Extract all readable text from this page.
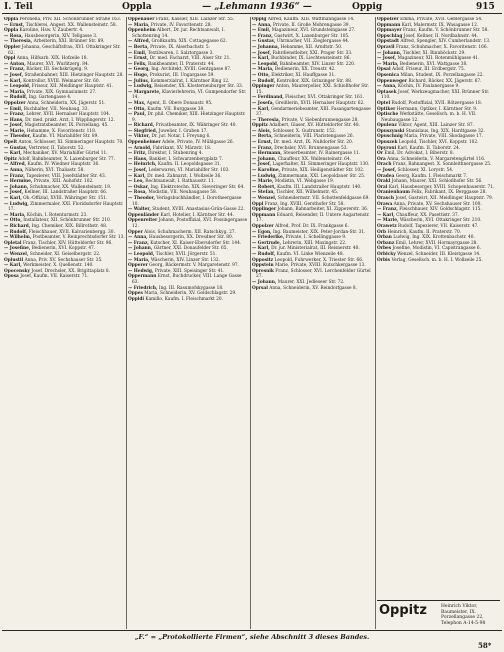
I. Teil	Oppla	— „Lehmann 1936“ —	Oppig	915

Oppla Peronella, Priv. XII. Schönbrunner Straße 163.

— Ernst, Tischlerei, Angest. XX. Wallensteinstr. 58.

Oppla Karoline, Hsw. V. Zaubertr. 4.

— Rosa, Hausbesorgerin, XIV. Tellgasse 3.

— Theresia, Arbeiterin, XXI. Brünner Str. 89.

Oppler Johanna, Geschäftsfrau, XVI. Ottakringer Str. 62.

Oppl Anna, Hilfsarb. XIX. Hofzeile 18.

— Anton, Maurer, XVI. Wurlitzerg. 84.

— Franz, Bäcker, III. Sechskrügelg. 9.

— Josef, Straßenbahner, XIII. Hietzinger Hauptstr. 28.

— Karl, Kontrollor, XVIII. Weimarer Str. 60.

— Leopold, Friseur, XII. Meidlinger Hauptstr. 41.

— Maria, Private, XIX. Gymnasiumstr. 27.

— Rudolf, Ing. Gartengasse 4.

Oppolzer Anna, Schneiderin, XX. Jägerstr. 51.

— Emil, Buchhalter, VII. Neubaug. 33.

— Franz, Lehrer, XVII. Hernalser Hauptstr. 104.

— Hans, Dr. med. prakt. Arzt, I. Wipplingerstr. 12.

— Josef, Magistratsbeamter, IX. Porzellang. 45.

— Marie, Hebamme, X. Favoritenstr. 118.

— Theodor, Kaufm. VI. Mariahilfer Str. 89.

Opelt Anton, Schlosser, XI. Simmeringer Hauptstr. 70.

— Gustav, Vertreter, II. Taborstr. 52.

— Karl, Mechaniker, XV. Mariahilfer Gürtel 11.

Opitz Adolf, Bahnbeamter, X. Laxenburger Str. 77.

— Alfred, Kaufm. IV. Wiedner Hauptstr. 36.

— Anna, Näherin, XVI. Thaliastr. 58.

— Franz, Tapezierer, VIII. Josefstädter Str. 43.

— Hermine, Private, XIII. Auhofstr. 102.

— Johann, Schuhmacher, XX. Wallensteinstr. 19.

— Josef, Kellner, III. Landstraßer Hauptstr. 66.

— Karl, Ob.-Offizial, XVIII. Währinger Str. 151.

— Ludwig, Zimmermaler, XXI. Floridsdorfer Hauptstr. 17.

— Maria, Köchin, I. Rotenturmstr. 23.

— Otto, Installateur, XII. Schönbrunner Str. 210.

— Richard, Ing. Chemiker, XIX. Billrothstr. 48.

— Rudolf, Fleischhauer, XVII. Kalvarienbergg. 30.

— Wilhelm, Postbeamter, V. Reinprechtsdorfer Str. 13.

Opletal Franz, Tischler, XIV. Hütteldorfer Str. 96.

— Josefine, Bedienerin, XVI. Koppstr. 47.

— Wenzel, Schneider, XI. Geiselbergstr. 22.

Oplustil Anna, Priv. XV. Sechshauser Str. 35.

— Karl, Werkmeister, X. Quellenstr. 140.

Opocensky Josef, Drechsler, XX. Brigittaplatz 8.

Oposa Josef, Kaufm. VII. Kaiserstr. 71.

Oppenauer Franz, Kassier, XIII. Lainzer Str. 55.

— Maria, Private, IV. Favoritenstr. 28.

Oppenheim Albert, Dr. jur. Rechtsanwalt, I. Schottenring 14.

— Alfred, Großkaufm. XIX. Cottagegasse 62.

— Berta, Private, IX. Alserbachstr. 5.

— Emil, Textilwaren, I. Salztorgasse 3.

— Ernst, Dr. med. Facharzt, VIII. Alser Str. 21.

— Felix, Bankbeamter, II. Praterstr. 44.

— Georg, Ing. Architekt, XVIII. Gentzgasse 87.

— Hugo, Prokurist, III. Ungargasse 59.

— Julius, Kommerzialrat, I. Kärntner Ring 12.

— Ludwig, Reisender, XX. Klosterneuburger Str. 33.

— Margarete, Klavierlehrerin, VI. Gumpendorfer Str. 14.

— Max, Agent, II. Obere Donaustr. 95.

— Otto, Kaufm. VII. Burggasse 38.

— Paul, Dr. phil. Chemiker, XIII. Hietzinger Hauptstr. 9.

— Richard, Privatbeamter, IX. Währinger Str. 40.

— Siegfried, Juwelier, I. Graben 17.

— Viktor, Dr. jur. Notar, I. Freyung 6.

Oppenheimer Adele, Private, IV. Mühlgasse 26.

— Arnold, Fabrikant, XV. Märzstr. 18.

— Fritz, Direktor, I. Stubenring 4.

— Hans, Bankier, I. Schwarzenbergplatz 7.

— Heinrich, Kaufm. II. Leopoldsgasse 31.

— Josef, Lederwaren, VI. Mariahilfer Str. 103.

— Karl, Dr. med. Zahnarzt, I. Wollzeile 36.

— Leo, Rechtsanwalt, I. Rathausstr. 11.

— Oskar, Ing. Elektrotechn. XIX. Sieveringer Str. 64.

— Rosa, Modistin, VII. Neubaugasse 58.

— Theodor, Verlagsbuchhändler, I. Dorotheergasse 10.

— Walter, Student, XVIII. Anastasius-Grün-Gasse 22.

Oppenländer Karl, Hotelier, I. Kärntner Str. 44.

Oppenreiter Johann, Postoffizial, XVI. Possingergasse 12.

Opper Alois, Schuhmacherm. XII. Ratschkyg. 27.

— Anna, Hausbesorgerin, XX. Dresdner Str. 80.

— Franz, Kutscher, XI. Kaiser-Ebersdorfer Str. 144.

— Johann, Gärtner, XXI. Donaufelder Str. 65.

— Leopold, Tischler, XVII. Jörgerstr. 51.

— Maria, Wäscherin, XIV. Linzer Str. 132.

Opperer Georg, Bäckermstr. V. Margaretenstr. 97.

— Hedwig, Private, XIII. Speisinger Str. 41.

Oppermann Ernst, Buchdrucker, VIII. Lange Gasse 63.

— Friedrich, Ing. III. Rasumofskygasse 18.

Oppes Maria, Schneiderin, XV. Goldschlagstr. 29.

Oppidi Kamillo, Kaufm. I. Fleischmarkt 20.

Oppig Alfred, Kaufm. XIII. Wattmanngasse 14.

— Anna, Private, II. Große Mohrengasse 39.

— Emil, Magazineur, XVI. Grundsteingasse 27.

— Franz, Gastwirt, X. Laxenburger Str. 105.

— Gustav, Uhrmacher, VII. Zieglergasse 44.

— Johanna, Hebamme, XII. Arndtstr. 50.

— Josef, Fahrdienstleiter, XXI. Prager Str. 33.

— Karl, Buchbinder, IX. Liechtensteinstr. 86.

— Leopold, Bahnbeamter, XIV. Linzer Str. 220.

— Maria, Bedienerin, XX. Treustr. 42.

— Otto, Elektriker, XI. Hauffgasse 31.

— Rudolf, Kontrollor, XIX. Grinzinger Str. 88.

Oppinger Anton, Maurerpolier, XXI. Schloßhofer Str. 15.

— Ferdinand, Fleischer, XVI. Ottakringer Str. 161.

— Josefa, Greißlerin, XVII. Hernalser Hauptstr. 62.

— Karl, Gendarmeriebeamter, XIII. Fasangartengasse 37.

— Theresia, Private, V. Siebenbrunnengasse 28.

Oppitz Adalbert, Glaser, XV. Hütteldorfer Str. 48.

— Alois, Schlosser, X. Gudrunstr. 152.

— Berta, Schneiderin, VIII. Piaristengasse 26.

— Ernst, Dr. med. Arzt, IX. Nußdorfer Str. 20.

— Franz, Drechsler, XVI. Brunnengasse 53.

— Hermann, Steuerbeamter, IV. Rainergasse 11.

— Johann, Chauffeur, XX. Wallensteinstr. 64.

— Josef, Lagerhalter, XI. Simmeringer Hauptstr. 130.

— Karoline, Private, XIX. Heiligenstädter Str. 102.

— Ludwig, Zimmermann, XXI. Leopoldauer Str. 25.

— Marie, Modistin, VI. Webgasse 19.

— Robert, Kaufm. III. Landstraßer Hauptstr. 140.

— Stefan, Tischler, XII. Wilhelmstr. 45.

— Wenzel, Schneidermstr. VII. Schottenfeldgasse 69.

Oppl Franz, Ing. XVIII. Gersthofer Str. 58.

Opplinger Johann, Bahnarbeiter, XI. Zippererstr. 36.

Oppmann Eduard, Reisender, II. Untere Augartenstr. 17.

Oppolzer Alfred, Prof. Dr. IX. Frankgasse 6.

— Egon, Ing. Baumeister, XIX. Peter-Jordan-Str. 31.

— Friederike, Private, I. Schellinggasse 9.

— Gertrude, Lehrerin, XIII. Maxingstr. 22.

— Karl, Dr. jur. Ministerialrat, III. Reisnerstr. 40.

— Rudolf, Kaufm. VI. Linke Wienzeile 48.

Oppositz Leopold, Fuhrwerker, X. Triester Str. 66.

Oppstein Marie, Private, XVIII. Kutschkergasse 13.

Opresnik Franz, Schlosser, XVI. Lerchenfelder Gürtel 27.

— Johann, Maurer, XXI. Jedleseer Str. 72.

Oprsal Anna, Schneiderin, XV. Reindorfgasse 8.

Oppolzer Emma, Private, XVII. Geblergasse 54.

Oppmann Karl, Malermstr. IX. Wasagasse 12.

Oppmayer Franz, Kaufm. V. Schönbrunner Str. 58.

Oppschlag Josef, Kellner, II. Nordbahnstr. 44.

Oppstadt Alfred, Spengler, XIV. Cumberlandstr. 13.

Opravil Franz, Schuhmacher, X. Favoritenstr. 166.

— Johann, Tischler, XI. Rinnböckstr. 29.

— Josef, Magazineur, XII. Rotenmühlgasse 41.

— Maria, Bedienerin, XVI. Wattgasse 38.

Opsal Adolf, Friseur, III. Erdbergstr. 75.

Opsenica Milan, Student, IX. Porzellangasse 22.

Oppenweger Richard, Bäcker, XX. Jägerstr. 67.

— Anna, Köchin, IV. Paulanergasse 9.

Optasek Josef, Werkzeugmacher, XXI. Brünner Str. 110.

Optel Rudolf, Postoffizial, XVII. Rötzergasse 18.

Optiker Hermann, Optiker, I. Kärntner Str. 9.

Optische Werkstätte, Gesellsch. m. b. H. VII. Neubaugasse 12.

Opulenz Viktor, Agent, XIII. Lainzer Str. 87.

Opuszynski Stanislaus, Ing. XIX. Hardtgasse 32.

Opuschnig Maria, Private, VIII. Skodagasse 17.

Opuszek Leopold, Tischler, XVI. Koppstr. 102.

Opyroni Karl, Kaufm. II. Taborstr. 24.

Or Emil, Dr. Advokat, I. Biberstr. 8.

Ora Anna, Schneiderin, V. Margaretengürtel 116.

Orach Franz, Bahnangest. X. Sonnleithnergasse 25.

— Josef, Schlosser, XI. Lorystr. 54.

Oradea Georg, Kaufm. I. Fleischmarkt 7.

Orakl Johann, Maurer, XXI. Schloßhofer Str. 56.

Oral Karl, Hausbesorger, XVIII. Schopenhauerstr. 71.

Oranienbaum Felix, Fabrikant, IX. Berggasse 28.

Orasch Josef, Gastwirt, XII. Meidlinger Hauptstr. 79.

Orawa Anna, Private, XV. Sechshauser Str. 100.

— Franz, Fleischhauer, XIV. Goldschlagstr. 115.

— Karl, Chauffeur, XX. Pasettistr. 37.

— Marie, Wäscherin, XVI. Ottakringer Str. 210.

Orawetz Rudolf, Tapezierer, VII. Kaiserstr. 47.

Orb Heinrich, Kaufm. II. Praterstr. 70.

Orban Ludwig, Ing. XIX. Krottenbachstr. 40.

Orbanz Emil, Lehrer, XVII. Hormayrgasse 28.

Orbes Josefine, Modistin, VI. Capistrangasse 6.

Orbicky Wenzel, Schneider, III. Kleistgasse 14.

Orbis Verlag, Gesellsch. m. b. H. I. Wollzeile 25.

Oppitz	Heinrich Viktor, Baumeister, IX. Porzellangasse 22, Telephon A-14-5-98
„F.“ = „Protokollierte Firmen“, siehe Abschnitt 3 dieses Bandes.
58*
